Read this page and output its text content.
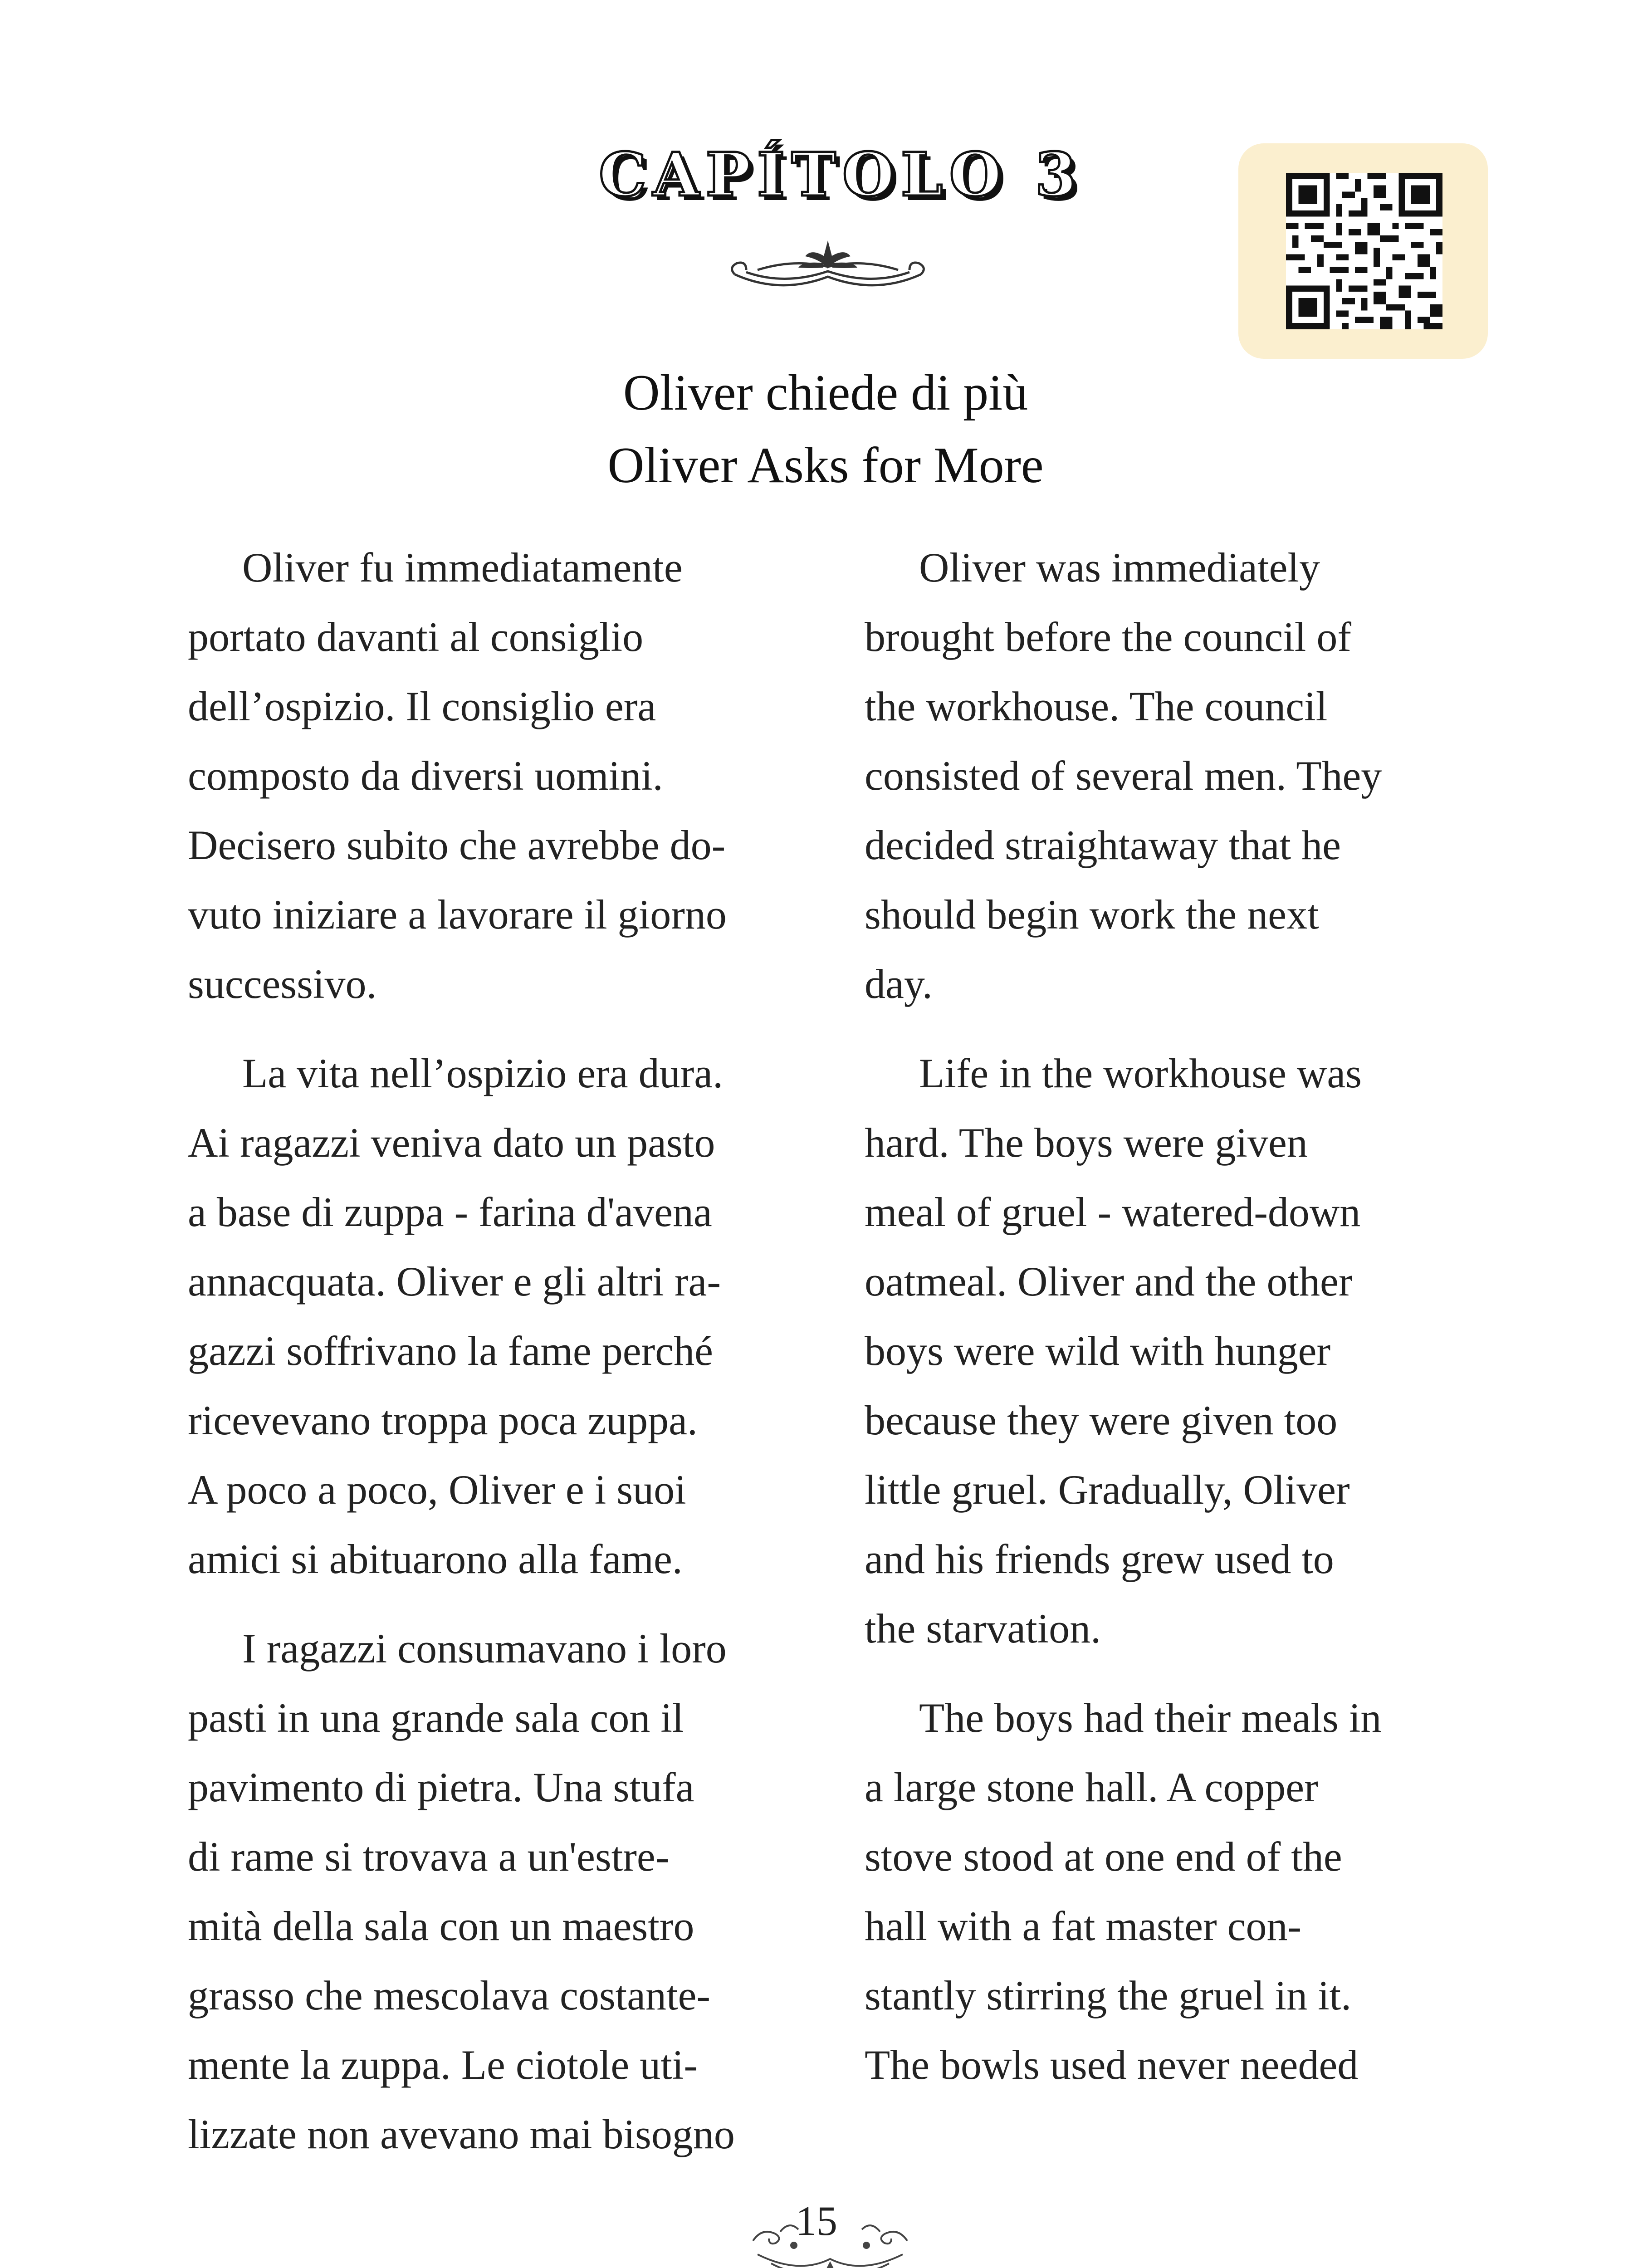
CAPÍTOLO 3
Oliver chiede di più
Oliver Asks for More

Oliver fu immediatamente
portato davanti al consiglio
dell’ospizio. Il consiglio era
composto da diversi uomini.
Decisero subito che avrebbe do-
vuto iniziare a lavorare il giorno
successivo.

La vita nell’ospizio era dura.
Ai ragazzi veniva dato un pasto
a base di zuppa - farina d'avena
annacquata. Oliver e gli altri ra-
gazzi soffrivano la fame perché
ricevevano troppa poca zuppa.
A poco a poco, Oliver e i suoi
amici si abituarono alla fame.

I ragazzi consumavano i loro
pasti in una grande sala con il
pavimento di pietra. Una stufa
di rame si trovava a un'estre-
mità della sala con un maestro
grasso che mescolava costante-
mente la zuppa. Le ciotole uti-
lizzate non avevano mai bisogno

Oliver was immediately
brought before the council of
the workhouse. The council
consisted of several men. They
decided straightaway that he
should begin work the next
day.

Life in the workhouse was
hard. The boys were given
meal of gruel - watered-down
oatmeal. Oliver and the other
boys were wild with hunger
because they were given too
little gruel. Gradually, Oliver
and his friends grew used to
the starvation.

The boys had their meals in
a large stone hall. A copper
stove stood at one end of the
hall with a fat master con-
stantly stirring the gruel in it.
The bowls used never needed

15
